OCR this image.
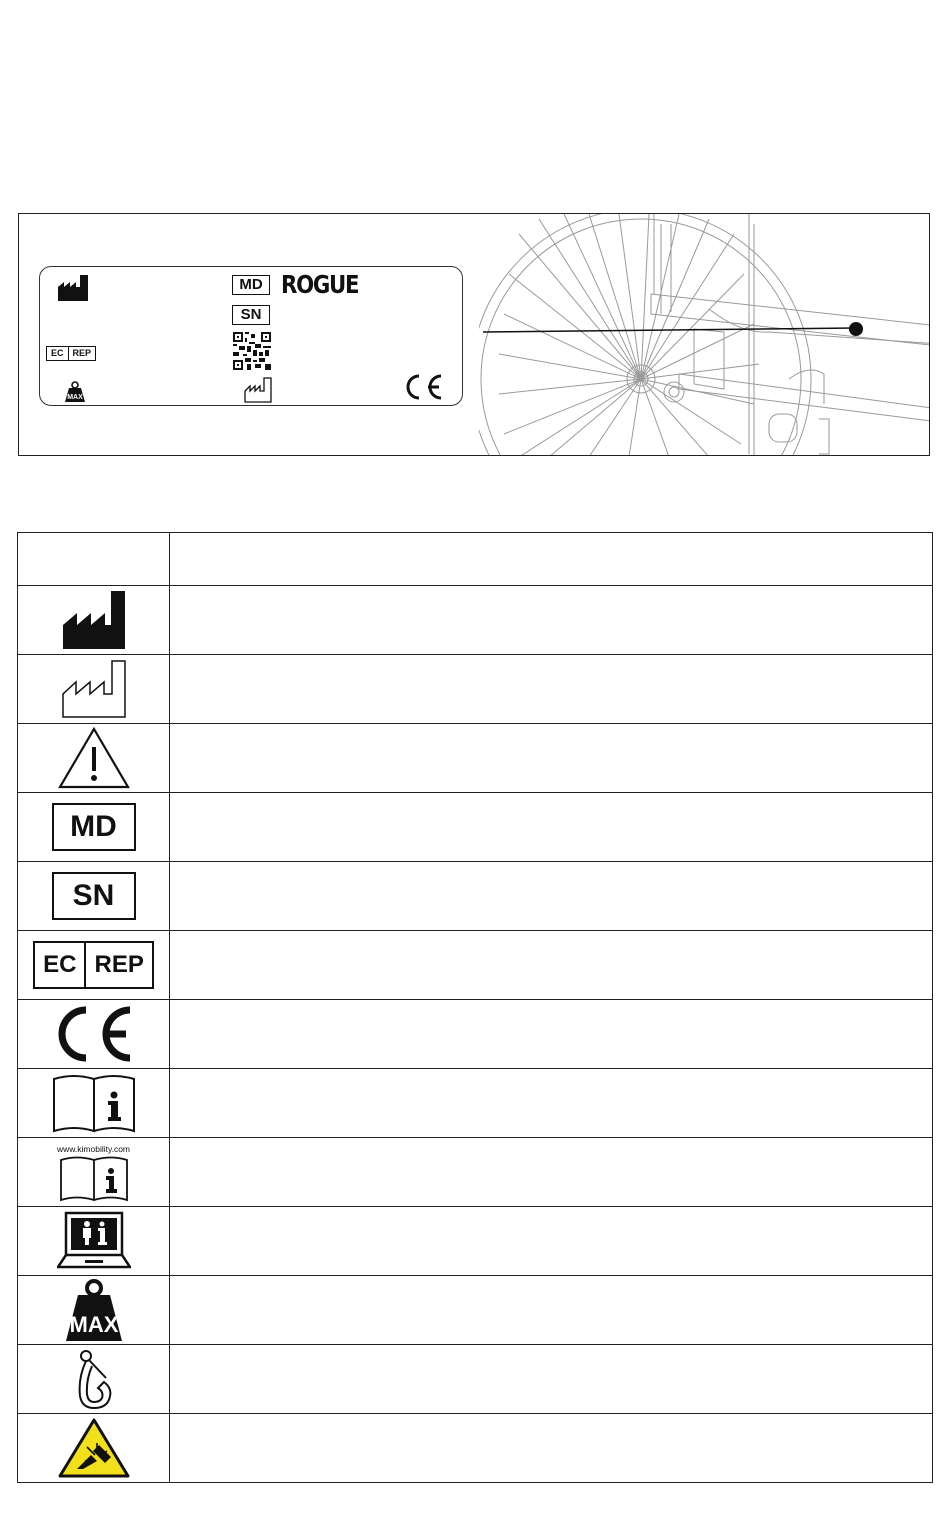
MD ROGUE
SN
EC	REP
MAX

MD	
SN	

EC REP	

www.kimobility.com	

MAX	
